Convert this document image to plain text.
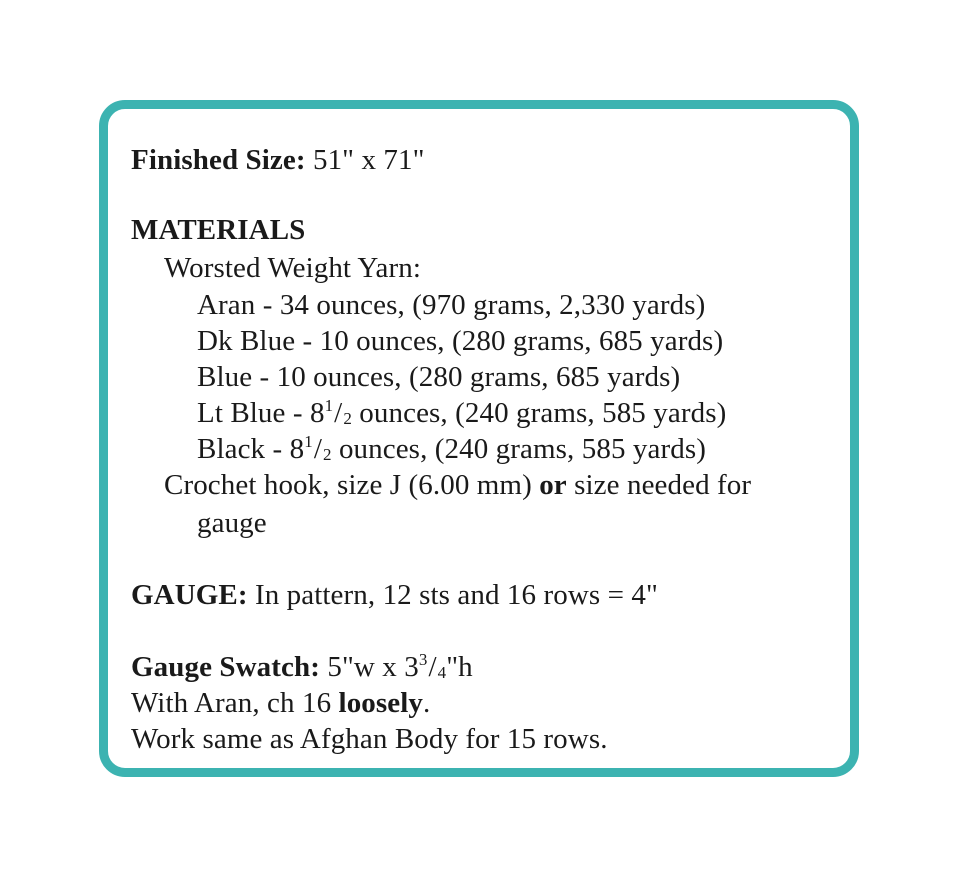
Finished Size: 51" x 71"
MATERIALS
Worsted Weight Yarn:
Aran - 34 ounces, (970 grams, 2,330 yards)
Dk Blue - 10 ounces, (280 grams, 685 yards)
Blue - 10 ounces, (280 grams, 685 yards)
Lt Blue - $8^1/_2$ ounces, (240 grams, 585 yards)
Black - $8^1/_2$ ounces, (240 grams, 585 yards)
Crochet hook, size J (6.00 mm) or size needed for
gauge
GAUGE: In pattern, 12 sts and 16 rows = 4"
Gauge Swatch: 5"w x $3^3/_4"h$
With Aran, ch 16 loosely.
Work same as Afghan Body for 15 rows.
